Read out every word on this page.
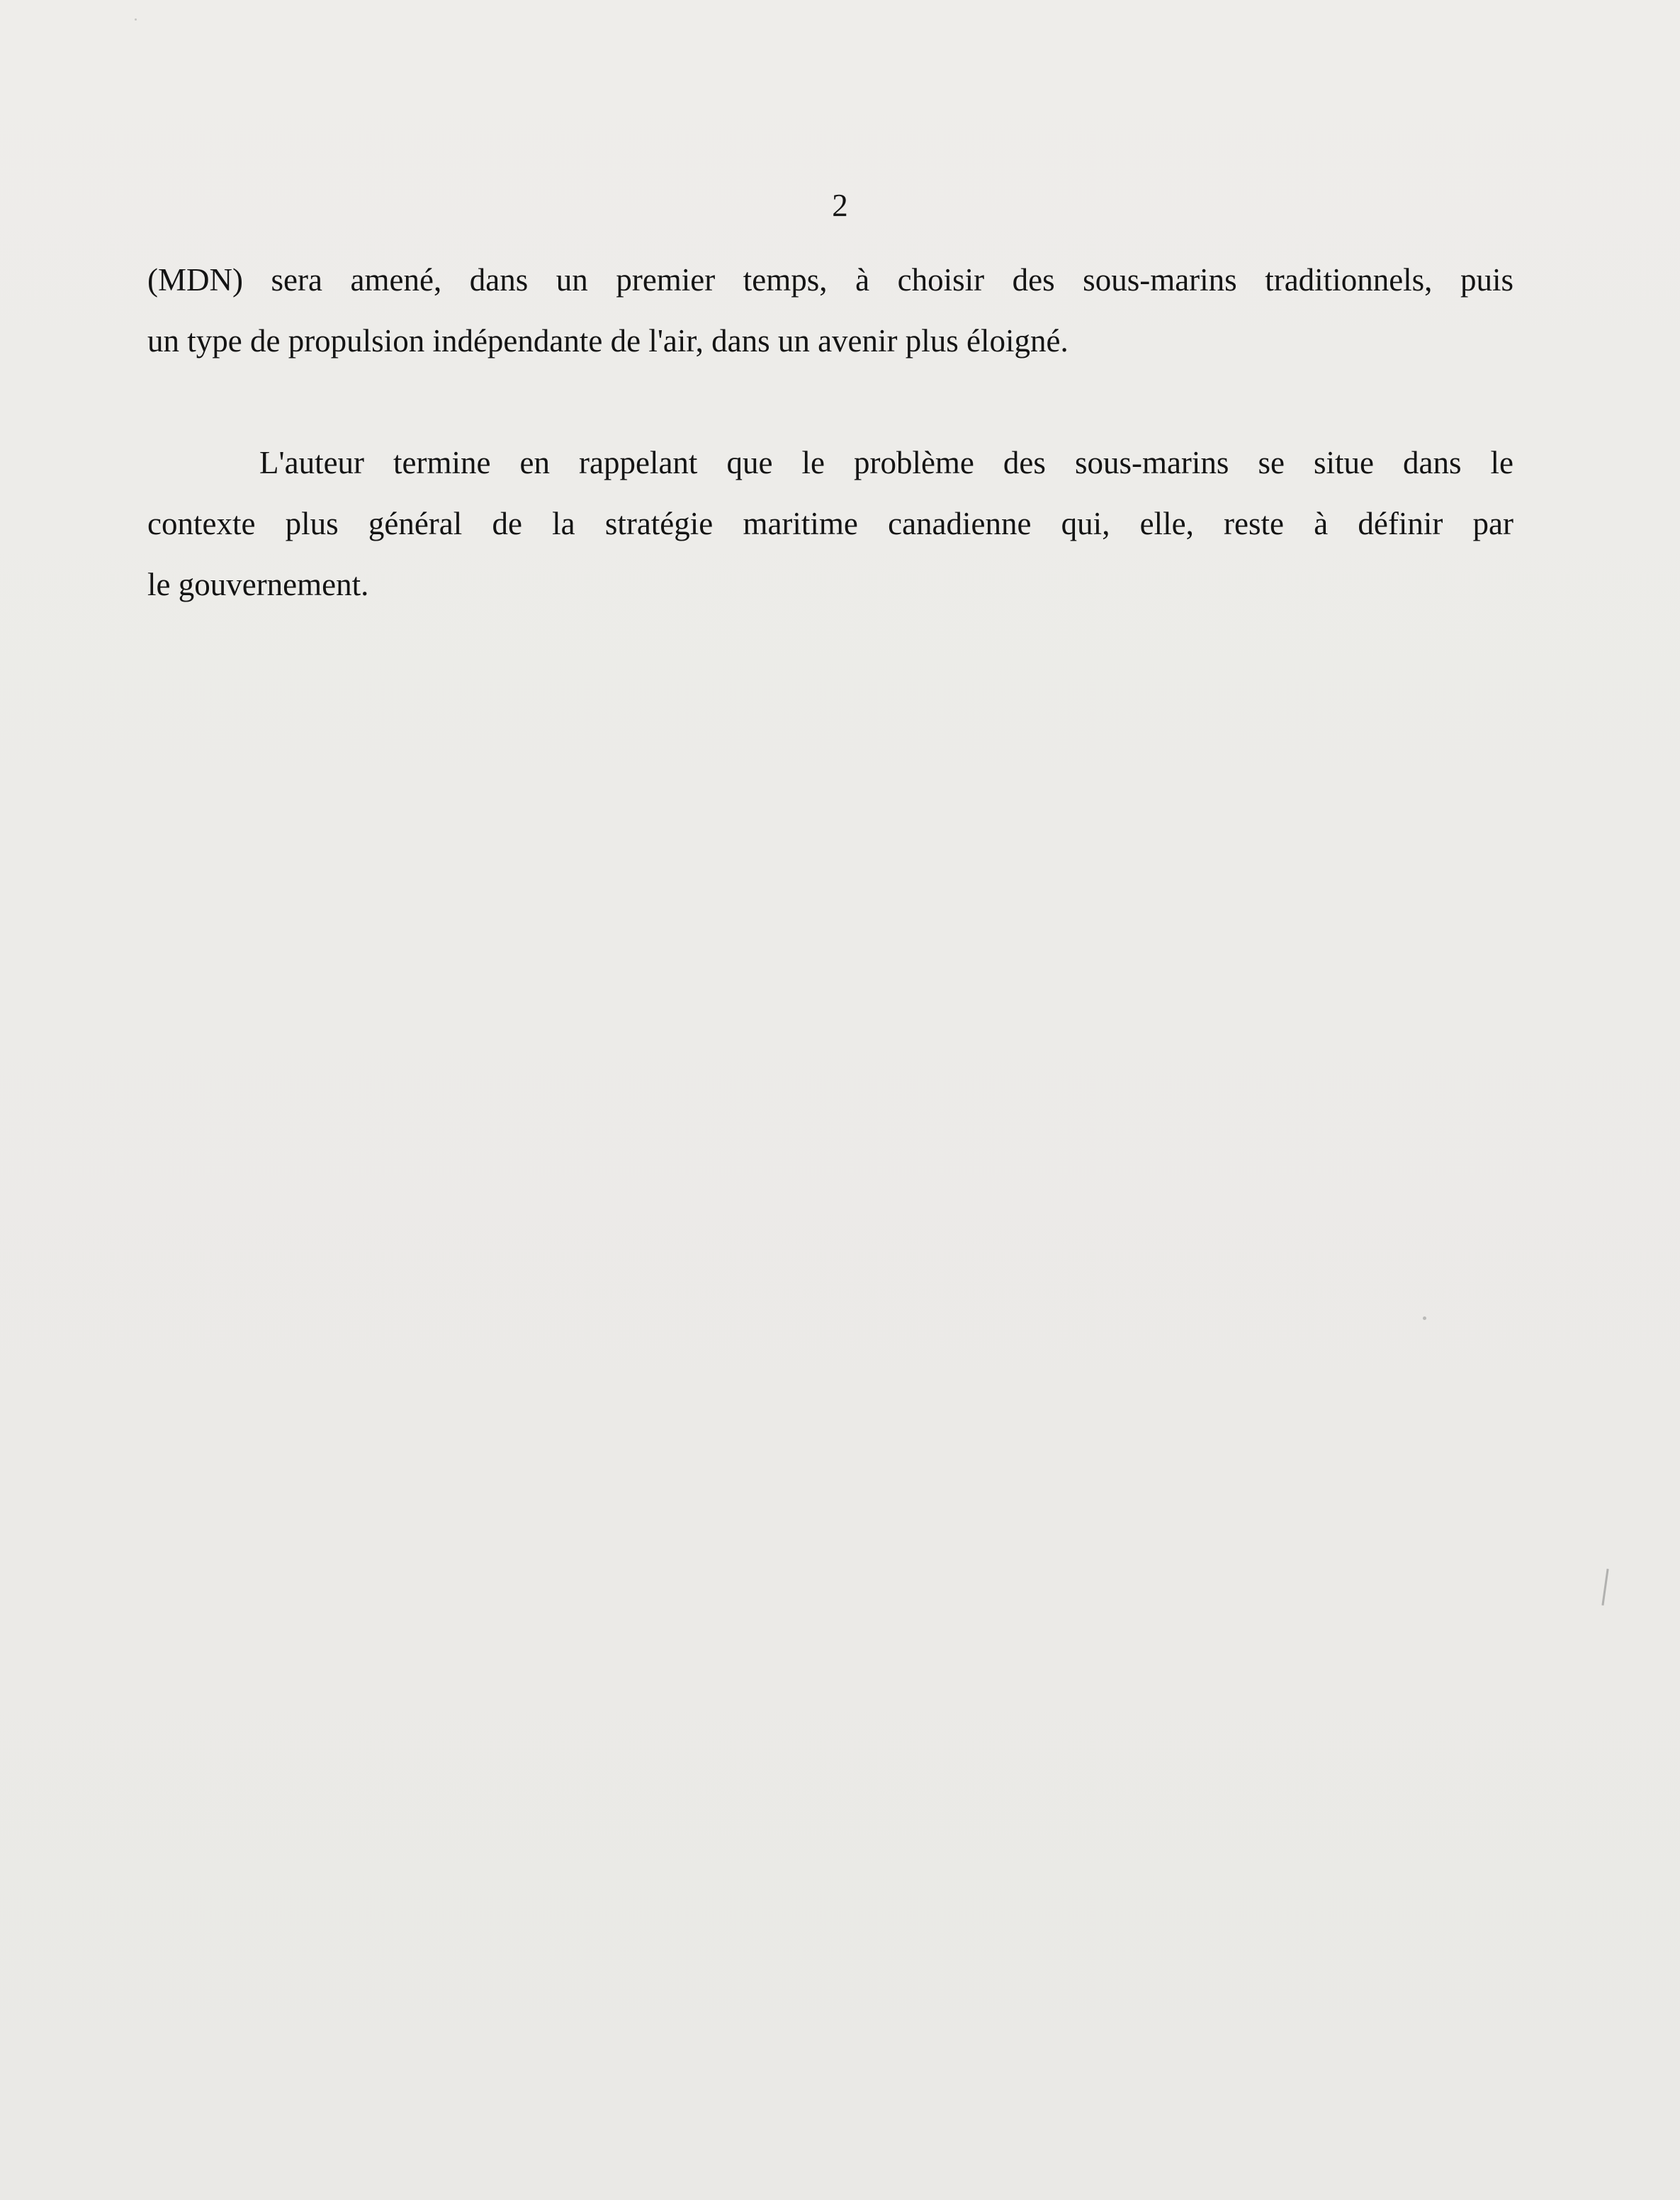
2
(MDN) sera amené, dans un premier temps, à choisir des sous-marins traditionnels, puis
un type de propulsion indépendante de l'air, dans un avenir plus éloigné.
L'auteur termine en rappelant que le problème des sous-marins se situe dans le
contexte plus général de la stratégie maritime canadienne qui, elle, reste à définir par
le gouvernement.
